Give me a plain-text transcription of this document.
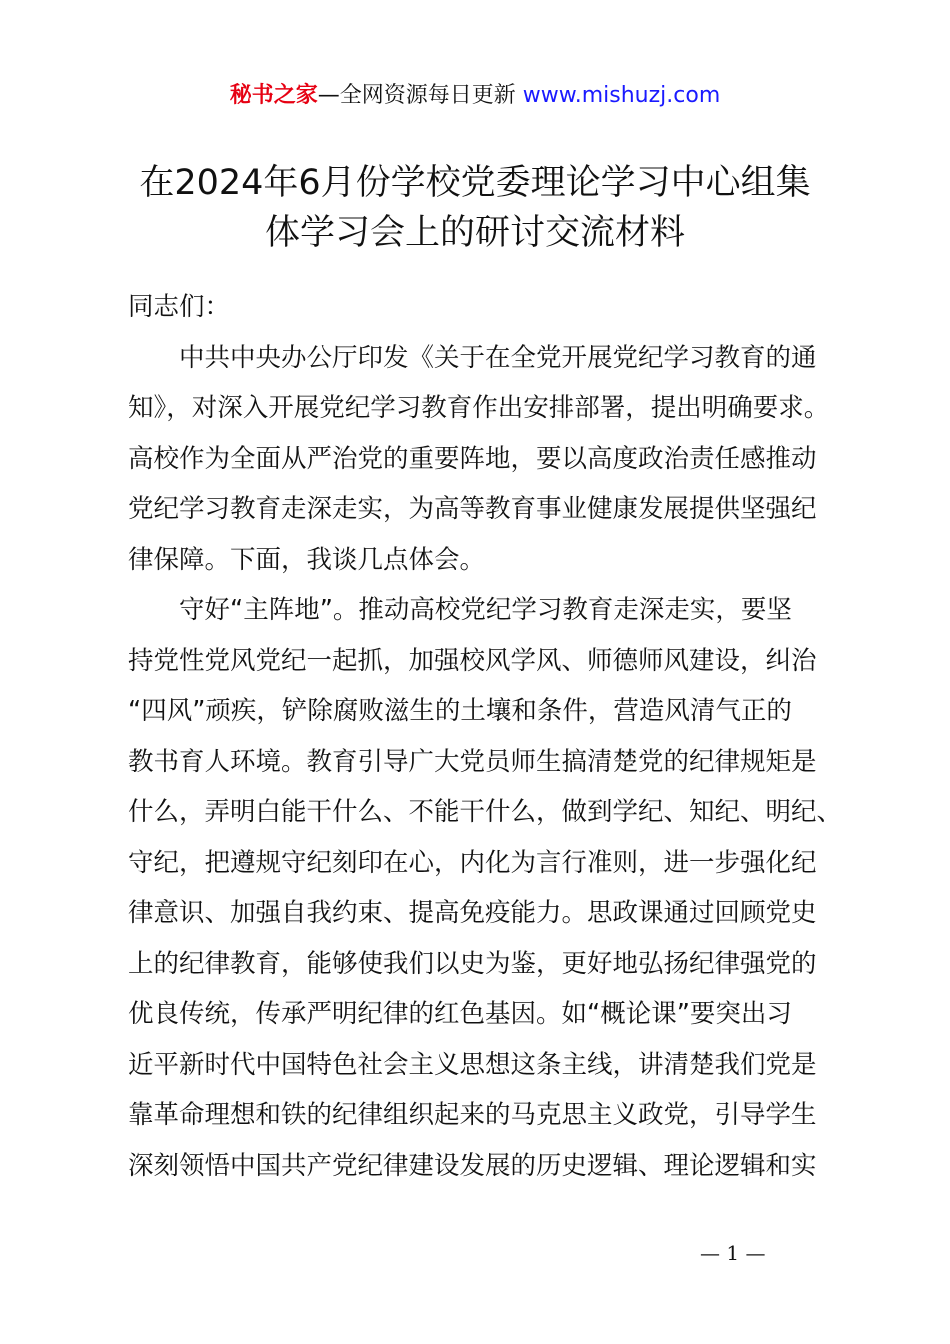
秘书之家—全网资源每日更新 www.mishuzj.com
在2024年6月份学校党委理论学习中心组集
体学习会上的研讨交流材料
同志们：
　　中共中央办公厅印发《关于在全党开展党纪学习教育的通
知》，对深入开展党纪学习教育作出安排部署，提出明确要求。
高校作为全面从严治党的重要阵地，要以高度政治责任感推动
党纪学习教育走深走实，为高等教育事业健康发展提供坚强纪
律保障。下面，我谈几点体会。
　　守好“主阵地”。推动高校党纪学习教育走深走实，要坚
持党性党风党纪一起抓，加强校风学风、师德师风建设，纠治
“四风”顽疾，铲除腐败滋生的土壤和条件，营造风清气正的
教书育人环境。教育引导广大党员师生搞清楚党的纪律规矩是
什么，弄明白能干什么、不能干什么，做到学纪、知纪、明纪、
守纪，把遵规守纪刻印在心，内化为言行准则，进一步强化纪
律意识、加强自我约束、提高免疫能力。思政课通过回顾党史
上的纪律教育，能够使我们以史为鉴，更好地弘扬纪律强党的
优良传统，传承严明纪律的红色基因。如“概论课”要突出习
近平新时代中国特色社会主义思想这条主线，讲清楚我们党是
靠革命理想和铁的纪律组织起来的马克思主义政党，引导学生
深刻领悟中国共产党纪律建设发展的历史逻辑、理论逻辑和实
— 1 —
